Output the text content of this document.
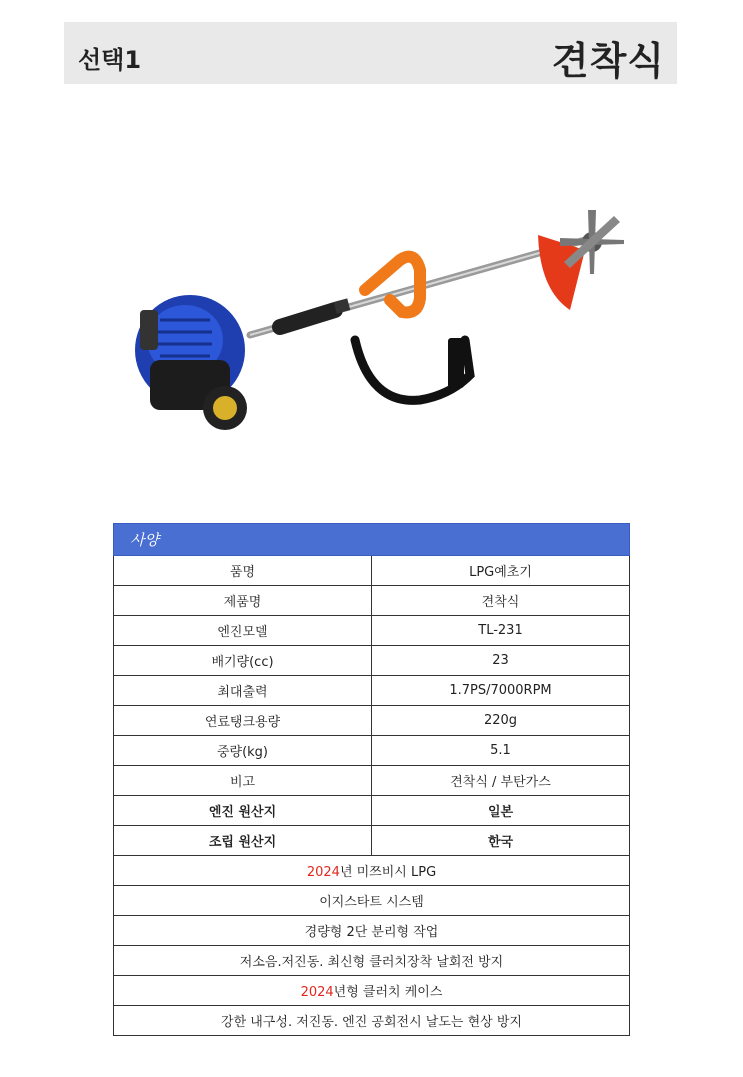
선택1	견착식
사양	
품명	LPG예초기
제품명	견착식
엔진모델	TL-231
배기량(cc)	23
최대출력	1.7PS/7000RPM
연료탱크용량	220g
중량(kg)	5.1
비고	견착식 / 부탄가스
엔진 원산지	일본
조립 원산지	한국
2024년 미쯔비시 LPG	
이지스타트 시스템	
경량형 2단 분리형 작업	
저소음.저진동. 최신형 클러치장착 날회전 방지	
2024년형 클러치 케이스	
강한 내구성. 저진동. 엔진 공회전시 날도는 현상 방지	
